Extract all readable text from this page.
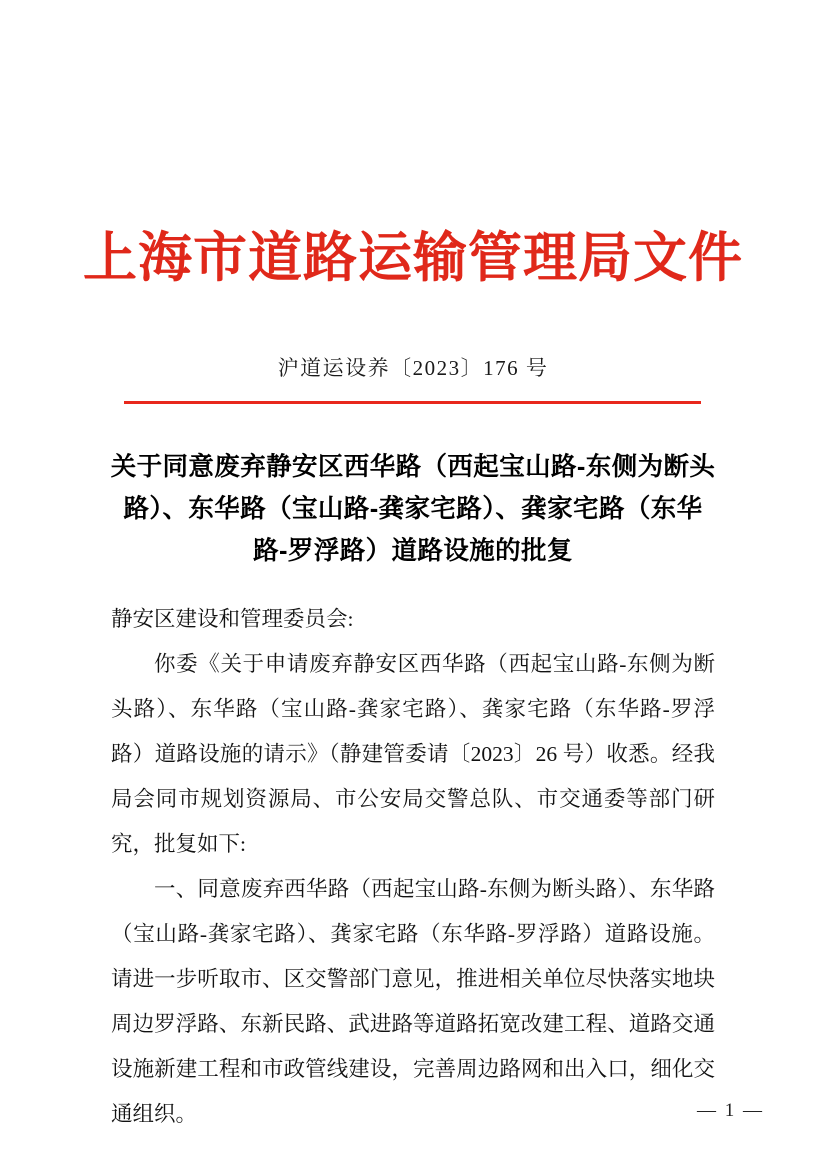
上海市道路运输管理局文件
沪道运设养〔2023〕176 号
关于同意废弃静安区西华路（西起宝山路-东侧为断头路）、东华路（宝山路-龚家宅路）、龚家宅路（东华路-罗浮路）道路设施的批复

静安区建设和管理委员会:

你委《关于申请废弃静安区西华路（西起宝山路-东侧为断头路）、东华路（宝山路-龚家宅路）、龚家宅路（东华路-罗浮路）道路设施的请示》（静建管委请〔2023〕26 号）收悉。经我局会同市规划资源局、市公安局交警总队、市交通委等部门研究，批复如下:

一、同意废弃西华路（西起宝山路-东侧为断头路）、东华路（宝山路-龚家宅路）、龚家宅路（东华路-罗浮路）道路设施。请进一步听取市、区交警部门意见，推进相关单位尽快落实地块周边罗浮路、东新民路、武进路等道路拓宽改建工程、道路交通设施新建工程和市政管线建设，完善周边路网和出入口，细化交通组织。	— 1 —
